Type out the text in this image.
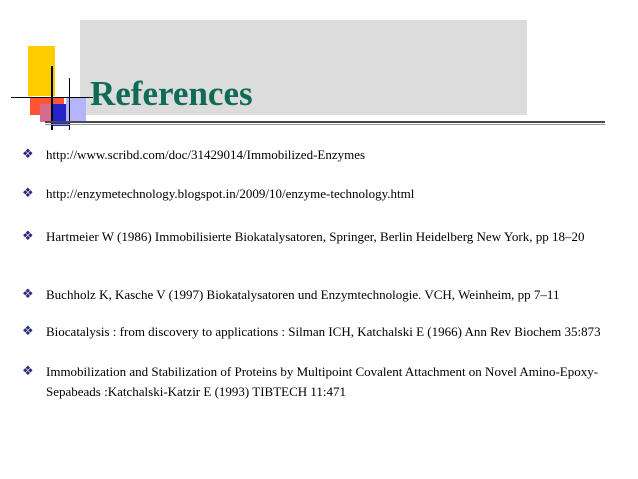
References
❖ http://www.scribd.com/doc/31429014/Immobilized-Enzymes
❖ http://enzymetechnology.blogspot.in/2009/10/enzyme-technology.html
❖ Hartmeier W (1986) Immobilisierte Biokatalysatoren, Springer, Berlin Heidelberg New York, pp 18–20
❖ Buchholz K, Kasche V (1997) Biokatalysatoren und Enzymtechnologie. VCH, Weinheim, pp 7–11
❖ Biocatalysis : from discovery to applications : Silman ICH, Katchalski E (1966) Ann Rev Biochem 35:873
❖ Immobilization and Stabilization of Proteins by Multipoint Covalent Attachment on Novel Amino-Epoxy-Sepabeads :Katchalski-Katzir E (1993) TIBTECH 11:471
